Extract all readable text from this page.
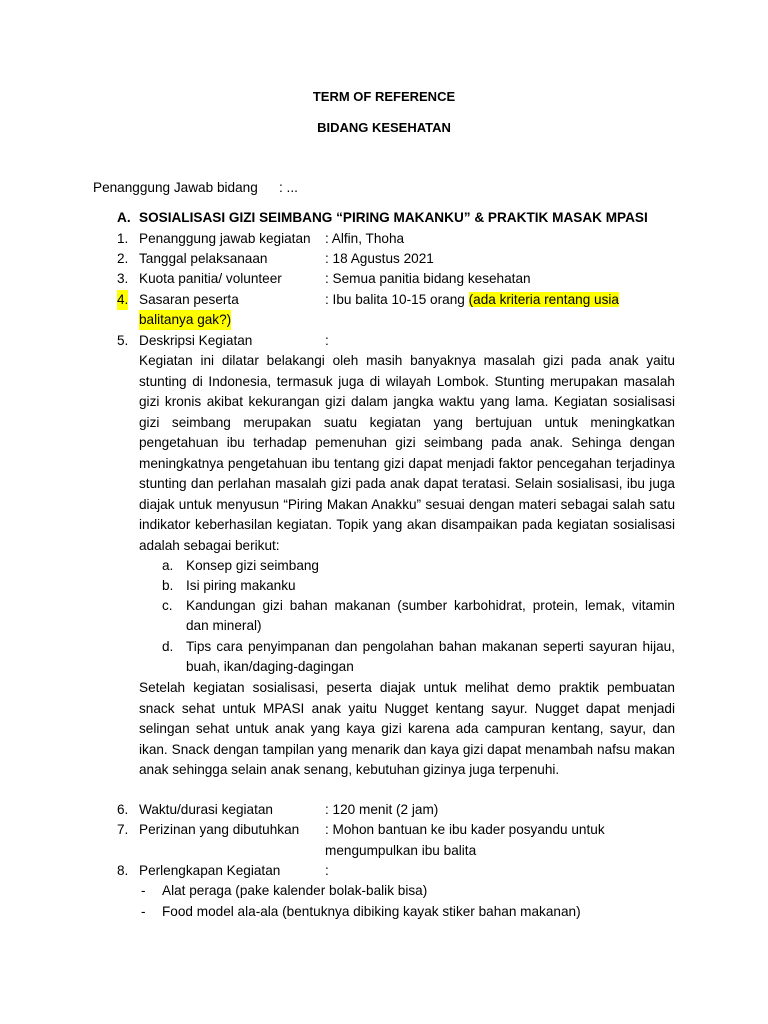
TERM OF REFERENCE
BIDANG KESEHATAN
Penanggung Jawab bidang : ...
A. SOSIALISASI GIZI SEIMBANG “PIRING MAKANKU” & PRAKTIK MASAK MPASI
1. Penanggung jawab kegiatan : Alfin, Thoha
2. Tanggal pelaksanaan	: 18 Agustus 2021
3. Kuota panitia/ volunteer	: Semua panitia bidang kesehatan
4. Sasaran peserta	: Ibu balita 10-15 orang (ada kriteria rentang usia
balitanya gak?)
5. Deskripsi Kegiatan	:
Kegiatan ini dilatar belakangi oleh masih banyaknya masalah gizi pada anak yaitu stunting di Indonesia, termasuk juga di wilayah Lombok. Stunting merupakan masalah gizi kronis akibat kekurangan gizi dalam jangka waktu yang lama. Kegiatan sosialisasi gizi seimbang merupakan suatu kegiatan yang bertujuan untuk meningkatkan pengetahuan ibu terhadap pemenuhan gizi seimbang pada anak. Sehinga dengan meningkatnya pengetahuan ibu tentang gizi dapat menjadi faktor pencegahan terjadinya stunting dan perlahan masalah gizi pada anak dapat teratasi. Selain sosialisasi, ibu juga diajak untuk menyusun “Piring Makan Anakku” sesuai dengan materi sebagai salah satu indikator keberhasilan kegiatan. Topik yang akan disampaikan pada kegiatan sosialisasi adalah sebagai berikut:
a. Konsep gizi seimbang
b. Isi piring makanku
c. Kandungan gizi bahan makanan (sumber karbohidrat, protein, lemak, vitamin dan mineral)
d. Tips cara penyimpanan dan pengolahan bahan makanan seperti sayuran hijau, buah, ikan/daging-dagingan
Setelah kegiatan sosialisasi, peserta diajak untuk melihat demo praktik pembuatan snack sehat untuk MPASI anak yaitu Nugget kentang sayur. Nugget dapat menjadi selingan sehat untuk anak yang kaya gizi karena ada campuran kentang, sayur, dan ikan. Snack dengan tampilan yang menarik dan kaya gizi dapat menambah nafsu makan anak sehingga selain anak senang, kebutuhan gizinya juga terpenuhi.
6. Waktu/durasi kegiatan	: 120 menit (2 jam)
7. Perizinan yang dibutuhkan : Mohon bantuan ke ibu kader posyandu untuk
mengumpulkan ibu balita
8. Perlengkapan Kegiatan	:
- Alat peraga (pake kalender bolak-balik bisa)
- Food model ala-ala (bentuknya dibiking kayak stiker bahan makanan)
